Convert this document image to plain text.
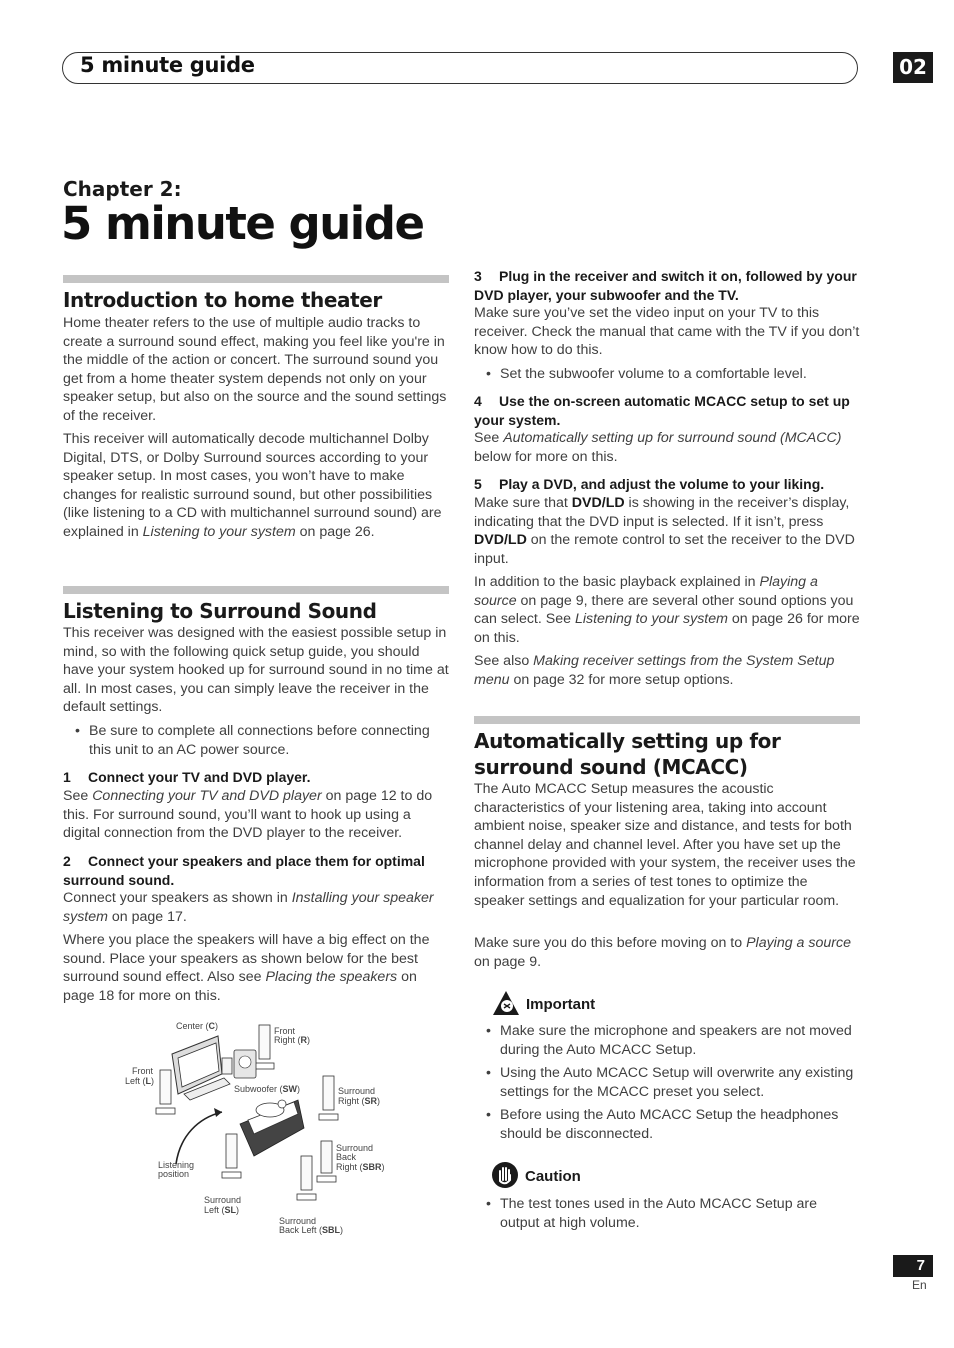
5 minute guide	02
Chapter 2:
5 minute guide
Introduction to home theater
Home theater refers to the use of multiple audio tracks to create a surround sound effect, making you feel like you're in the middle of the action or concert. The surround sound you get from a home theater system depends not only on your speaker setup, but also on the source and the sound settings of the receiver.
This receiver will automatically decode multichannel Dolby Digital, DTS, or Dolby Surround sources according to your speaker setup. In most cases, you won’t have to make changes for realistic surround sound, but other possibilities (like listening to a CD with multichannel surround sound) are explained in Listening to your system on page 26.
Listening to Surround Sound
This receiver was designed with the easiest possible setup in mind, so with the following quick setup guide, you should have your system hooked up for surround sound in no time at all. In most cases, you can simply leave the receiver in the default settings.
• Be sure to complete all connections before connecting this unit to an AC power source.
1 Connect your TV and DVD player.
See Connecting your TV and DVD player on page 12 to do this. For surround sound, you’ll want to hook up using a digital connection from the DVD player to the receiver.
2 Connect your speakers and place them for optimal surround sound.
Connect your speakers as shown in Installing your speaker system on page 17.
Where you place the speakers will have a big effect on the sound. Place your speakers as shown below for the best surround sound effect. Also see Placing the speakers on page 18 for more on this.
Center (C)	Front
Right (R)
Subwoofer (SW)
Front
Left (L)
Surround
Right (SR)
Surround
Back
Right (SBR)
Listening
position
Surround
Left (SL)
Surround
Back Left (SBL)
3 Plug in the receiver and switch it on, followed by your DVD player, your subwoofer and the TV.
Make sure you’ve set the video input on your TV to this receiver. Check the manual that came with the TV if you don’t know how to do this.
• Set the subwoofer volume to a comfortable level.
4 Use the on-screen automatic MCACC setup to set up your system.
See Automatically setting up for surround sound (MCACC) below for more on this.
5 Play a DVD, and adjust the volume to your liking.
Make sure that DVD/LD is showing in the receiver’s display, indicating that the DVD input is selected. If it isn’t, press DVD/LD on the remote control to set the receiver to the DVD input.
In addition to the basic playback explained in Playing a source on page 9, there are several other sound options you can select. See Listening to your system on page 26 for more on this.
See also Making receiver settings from the System Setup menu on page 32 for more setup options.
Automatically setting up for surround sound (MCACC)
The Auto MCACC Setup measures the acoustic characteristics of your listening area, taking into account ambient noise, speaker size and distance, and tests for both channel delay and channel level. After you have set up the microphone provided with your system, the receiver uses the information from a series of test tones to optimize the speaker settings and equalization for your particular room.
Make sure you do this before moving on to Playing a source on page 9.
Important
• Make sure the microphone and speakers are not moved during the Auto MCACC Setup.
• Using the Auto MCACC Setup will overwrite any existing settings for the MCACC preset you select.
• Before using the Auto MCACC Setup the headphones should be disconnected.
Caution
• The test tones used in the Auto MCACC Setup are output at high volume.
7
En
